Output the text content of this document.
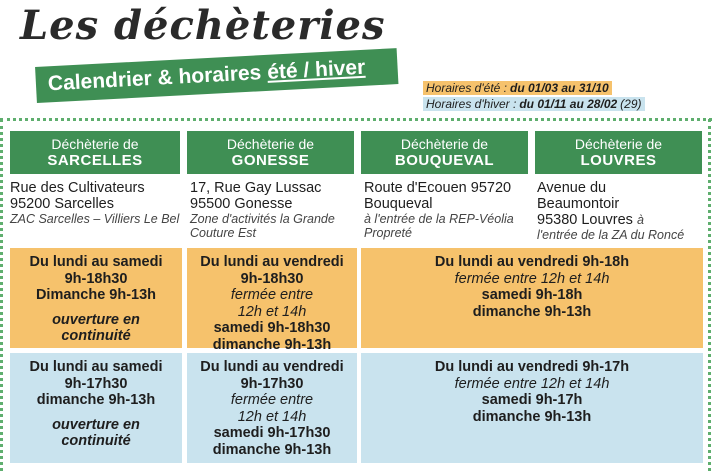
Les déchèteries
Calendrier & horaires été / hiver
Horaires d'été : du 01/03 au 31/10
Horaires d'hiver : du 01/11 au 28/02 (29)
Déchèterie de
SARCELLES
Déchèterie de
GONESSE
Déchèterie de
BOUQUEVAL
Déchèterie de
LOUVRES
Rue des Cultivateurs
95200 Sarcelles
ZAC Sarcelles – Villiers Le Bel
17, Rue Gay Lussac
95500 Gonesse
Zone d'activités la Grande Couture Est
Route d'Ecouen 95720
Bouqueval
à l'entrée de la REP-Véolia Propreté
Avenue du
Beaumontoir
95380 Louvres à
l'entrée de la ZA du Roncé
Du lundi au samedi
9h-18h30
Dimanche 9h-13h
ouverture en
continuité
Du lundi au vendredi
9h-18h30
fermée entre
12h et 14h
samedi 9h-18h30
dimanche 9h-13h
Du lundi au vendredi 9h-18h
fermée entre 12h et 14h
samedi 9h-18h
dimanche 9h-13h
Du lundi au samedi
9h-17h30
dimanche 9h-13h
ouverture en
continuité
Du lundi au vendredi
9h-17h30
fermée entre
12h et 14h
samedi 9h-17h30
dimanche 9h-13h
Du lundi au vendredi 9h-17h
fermée entre 12h et 14h
samedi 9h-17h
dimanche 9h-13h
